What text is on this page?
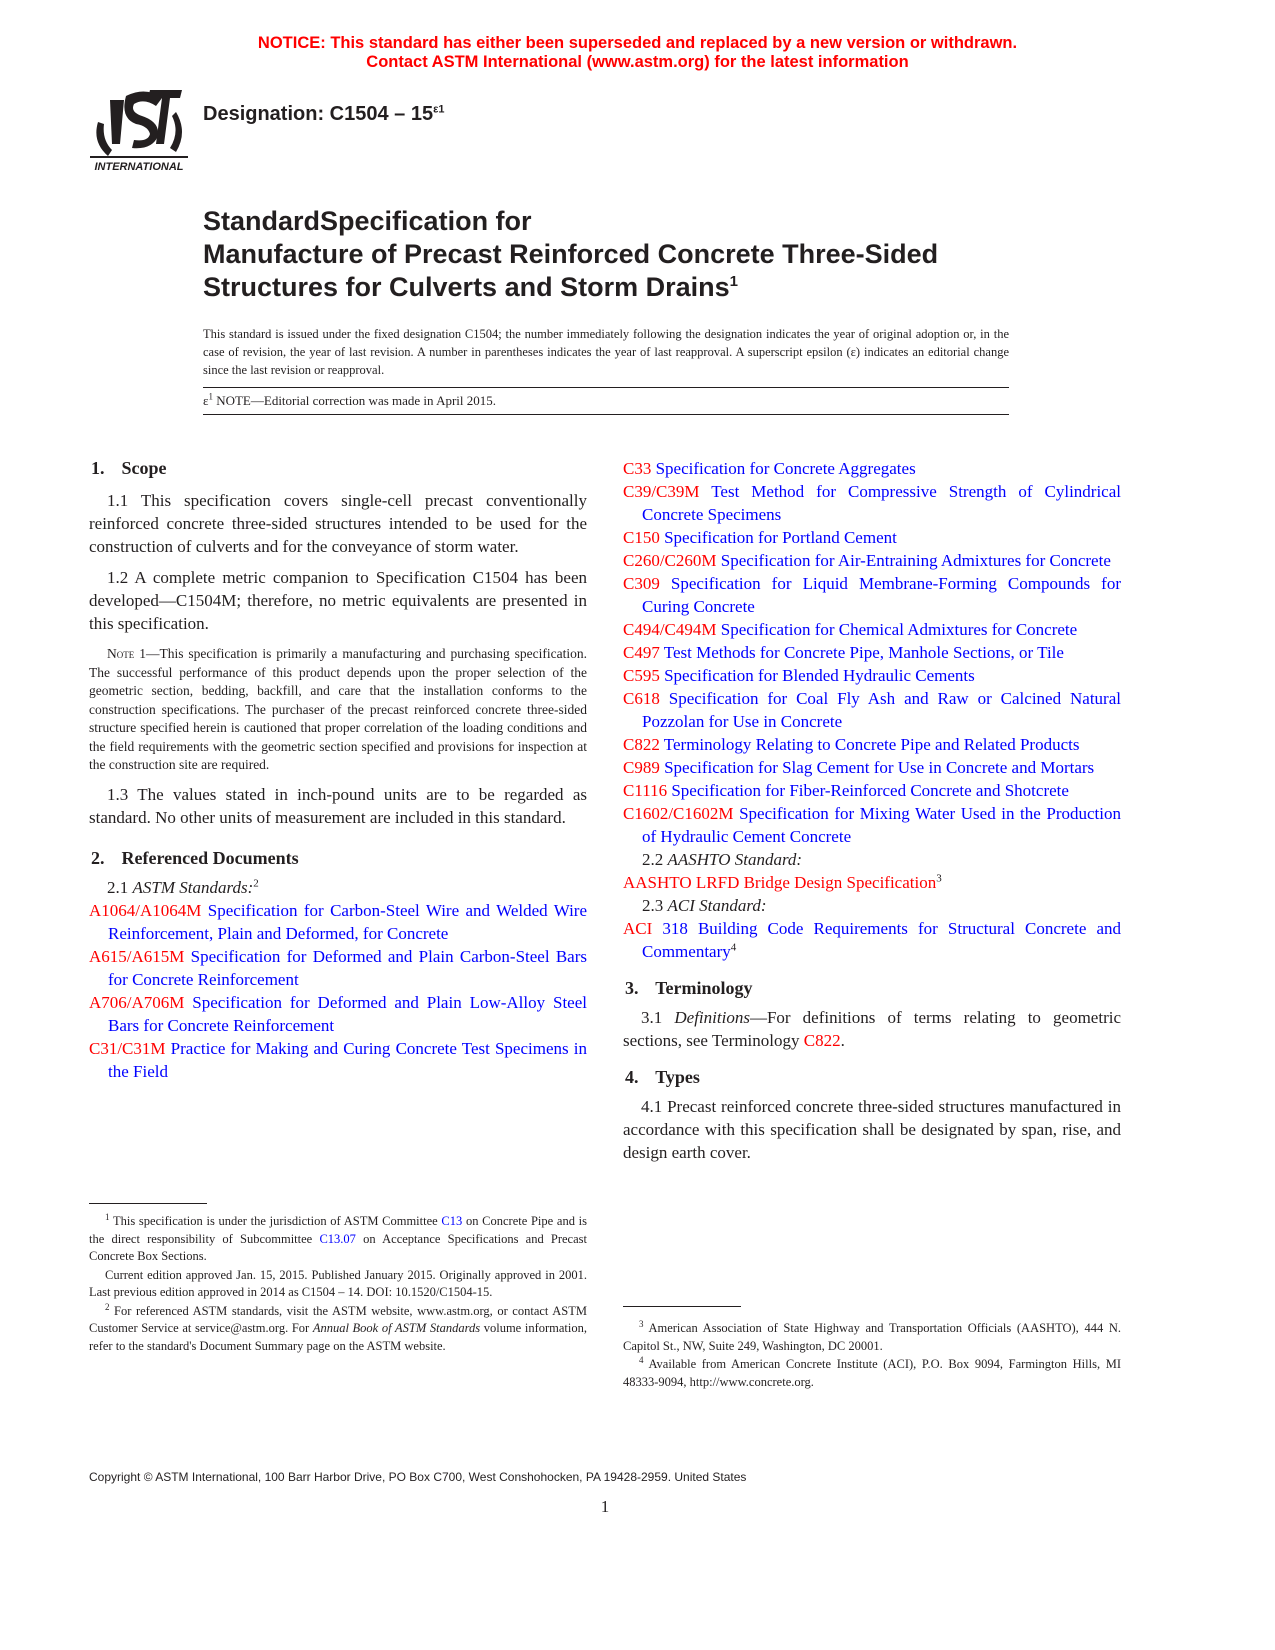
NOTICE: This standard has either been superseded and replaced by a new version or withdrawn.
Contact ASTM International (www.astm.org) for the latest information
INTERNATIONAL
Designation: $C1504 - 15^{\varepsilon 1}$
StandardSpecification for
Manufacture of Precast Reinforced Concrete Three-Sided
Structures for Culverts and Storm Drains$^1$
This standard is issued under the fixed designation C1504; the number immediately following the designation indicates the year of original adoption or, in the case of revision, the year of last revision. A number in parentheses indicates the year of last reapproval. A superscript epsilon (ε) indicates an editorial change since the last revision or reapproval.
$\varepsilon^1$ NOTE—Editorial correction was made in April 2015.
1. Scope

1.1 This specification covers single-cell precast conventionally reinforced concrete three-sided structures intended to be used for the construction of culverts and for the conveyance of storm water.

1.2 A complete metric companion to Specification C1504 has been developed—C1504M; therefore, no metric equivalents are presented in this specification.

Note 1—This specification is primarily a manufacturing and purchasing specification. The successful performance of this product depends upon the proper selection of the geometric section, bedding, backfill, and care that the installation conforms to the construction specifications. The purchaser of the precast reinforced concrete three-sided structure specified herein is cautioned that proper correlation of the loading conditions and the field requirements with the geometric section specified and provisions for inspection at the construction site are required.

1.3 The values stated in inch-pound units are to be regarded as standard. No other units of measurement are included in this standard.

2. Referenced Documents

2.1 ASTM Standards:$^2$

A1064/A1064M Specification for Carbon-Steel Wire and Welded Wire Reinforcement, Plain and Deformed, for Concrete

A615/A615M Specification for Deformed and Plain Carbon-Steel Bars for Concrete Reinforcement

A706/A706M Specification for Deformed and Plain Low-Alloy Steel Bars for Concrete Reinforcement

C31/C31M Practice for Making and Curing Concrete Test Specimens in the Field

$^1$ This specification is under the jurisdiction of ASTM Committee C13 on Concrete Pipe and is the direct responsibility of Subcommittee C13.07 on Acceptance Specifications and Precast Concrete Box Sections.

Current edition approved Jan. 15, 2015. Published January 2015. Originally approved in 2001. Last previous edition approved in 2014 as C1504 – 14. DOI: 10.1520/C1504-15.

$^2$ For referenced ASTM standards, visit the ASTM website, www.astm.org, or contact ASTM Customer Service at service@astm.org. For Annual Book of ASTM Standards volume information, refer to the standard's Document Summary page on the ASTM website.

C33 Specification for Concrete Aggregates

C39/C39M Test Method for Compressive Strength of Cylindrical Concrete Specimens

C150 Specification for Portland Cement

C260/C260M Specification for Air-Entraining Admixtures for Concrete

C309 Specification for Liquid Membrane-Forming Compounds for Curing Concrete

C494/C494M Specification for Chemical Admixtures for Concrete

C497 Test Methods for Concrete Pipe, Manhole Sections, or Tile

C595 Specification for Blended Hydraulic Cements

C618 Specification for Coal Fly Ash and Raw or Calcined Natural Pozzolan for Use in Concrete

C822 Terminology Relating to Concrete Pipe and Related Products

C989 Specification for Slag Cement for Use in Concrete and Mortars

C1116 Specification for Fiber-Reinforced Concrete and Shotcrete

C1602/C1602M Specification for Mixing Water Used in the Production of Hydraulic Cement Concrete

2.2 AASHTO Standard:

AASHTO LRFD Bridge Design Specification$^3$

2.3 ACI Standard:

ACI 318 Building Code Requirements for Structural Concrete and Commentary$^4$

3. Terminology

3.1 Definitions—For definitions of terms relating to geometric sections, see Terminology C822.

4. Types

4.1 Precast reinforced concrete three-sided structures manufactured in accordance with this specification shall be designated by span, rise, and design earth cover.

$^3$ American Association of State Highway and Transportation Officials (AASHTO), 444 N. Capitol St., NW, Suite 249, Washington, DC 20001.

$^4$ Available from American Concrete Institute (ACI), P.O. Box 9094, Farmington Hills, MI 48333-9094, http://www.concrete.org.

Copyright © ASTM International, 100 Barr Harbor Drive, PO Box C700, West Conshohocken, PA 19428-2959. United States
1
